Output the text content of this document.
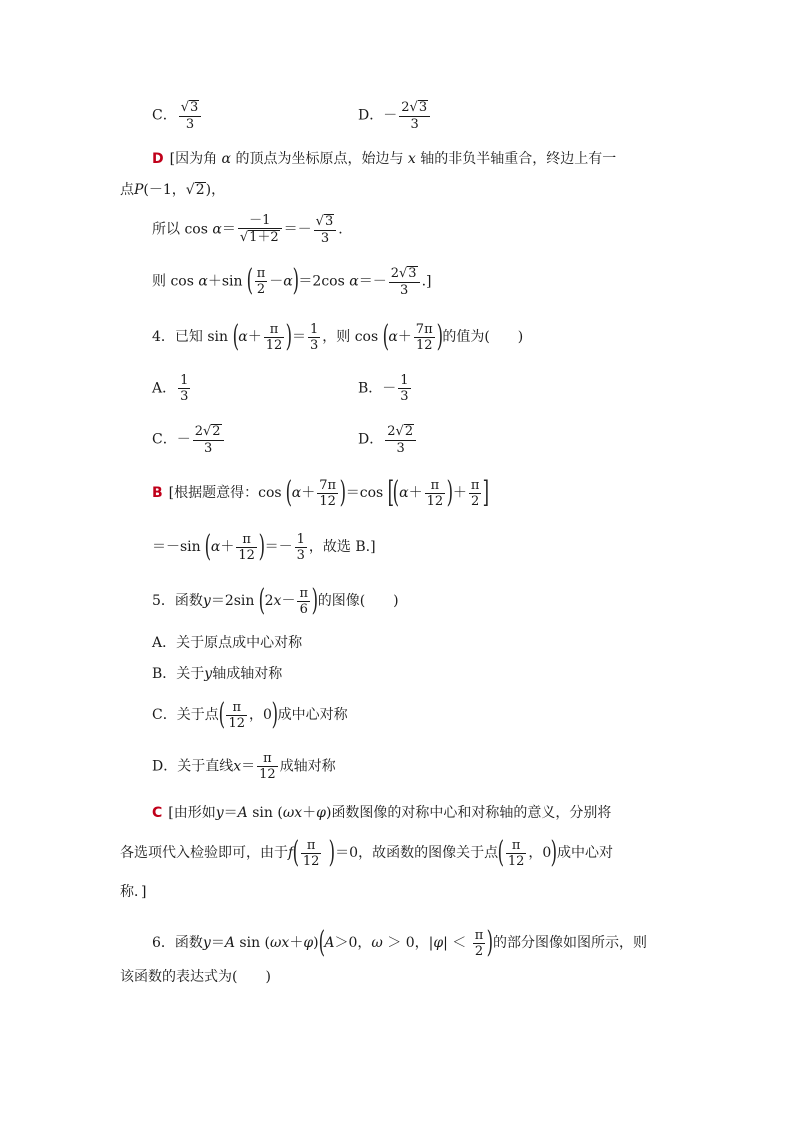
C． $\frac{√3}{3}$	D．－ $\frac{2√3}{3}$
D [因为角 α 的顶点为坐标原点，始边与 x 轴的非负半轴重合，终边上有一
点P(－1，√2)，
所以 $\cos \alpha= \frac{-1}{√1+2} =- \frac{√3}{3}$ .
则 cos α＋sin ( $\frac{\pi}{2} -\alpha)=2\cos$ $\alpha=- \frac{2√3}{3}$ .]
4．已知 $\sin (\alpha+ \frac{\pi}{12}$ )＝ $\frac{1}{3}$ ，则 $\cos (\alpha+ \frac{7\pi}{12}$ )的值为(　　)
A． $\frac{1}{3}$	B．－ $\frac{1}{3}$
C．－ $\frac{2√2}{3}$	D． $\frac{2√2}{3}$
B [根据题意得：$\cos (\alpha+ \frac{7\pi}{12} )=\cos$ [($\alpha+ \frac{\pi}{12}$ )＋ $\frac{\pi}{2}$ ]
＝－sin ($\alpha+ \frac{\pi}{12}$ )＝－ $\frac{1}{3}$ ，故选 B.]
5．函数y＝2sin ($2x- \frac{\pi}{6}$ )的图像(　　)
A．关于原点成中心对称
B．关于y轴成轴对称
C．关于点( $\frac{\pi}{12}$ ，0)成中心对称
D．关于直线$x= \frac{\pi}{12}$ 成轴对称
C [由形如y＝A sin (ωx＋φ)函数图像的对称中心和对称轴的意义，分别将
各选项代入检验即可，由于$f( \frac{\pi}{12} )=0$，故函数的图像关于点( $\frac{\pi}{12}$ ，0)成中心对
称．]
6．函数y＝A sin (ωx＋φ)(A＞0，ω ＞ 0，$|\varphi| < \frac{\pi}{2}$ )的部分图像如图所示，则
该函数的表达式为(　　)
